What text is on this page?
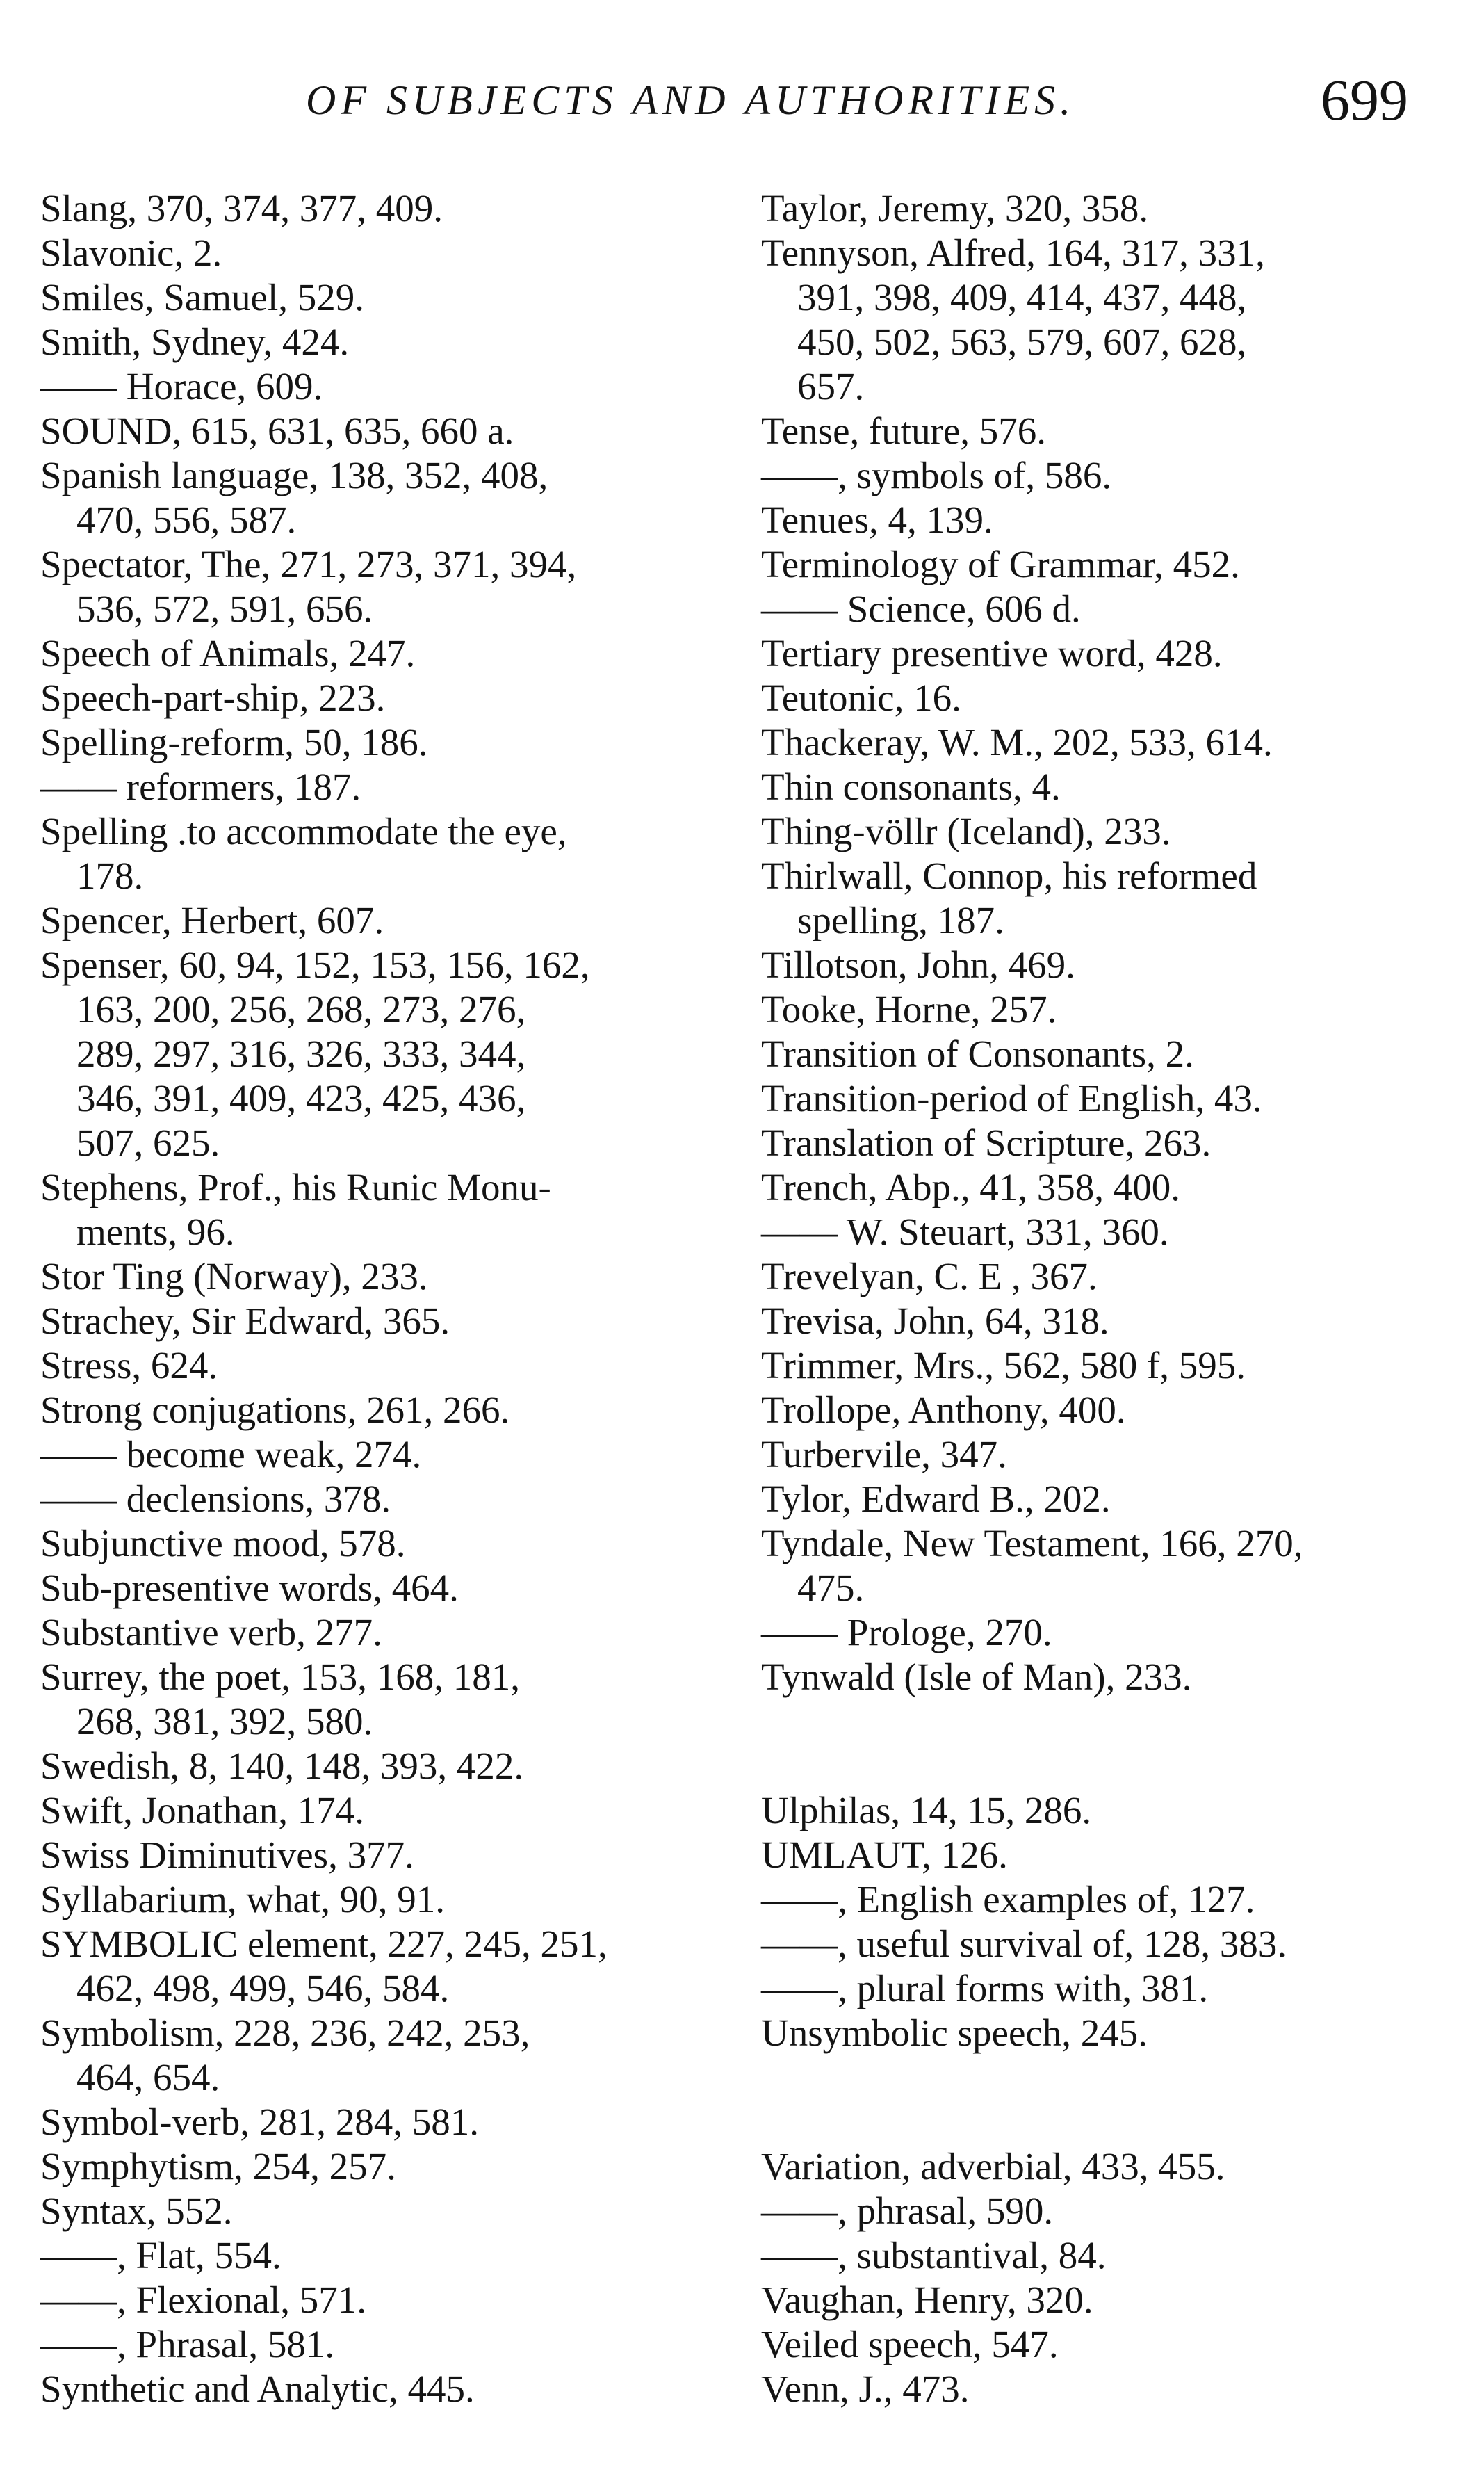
OF SUBJECTS AND AUTHORITIES.	699
Slang, 370, 374, 377, 409.
Slavonic, 2.
Smiles, Samuel, 529.
Smith, Sydney, 424.
—— Horace, 609.
SOUND, 615, 631, 635, 660 a.
Spanish language, 138, 352, 408,
470, 556, 587.
Spectator, The, 271, 273, 371, 394,
536, 572, 591, 656.
Speech of Animals, 247.
Speech-part-ship, 223.
Spelling-reform, 50, 186.
—— reformers, 187.
Spelling .to accommodate the eye,
178.
Spencer, Herbert, 607.
Spenser, 60, 94, 152, 153, 156, 162,
163, 200, 256, 268, 273, 276,
289, 297, 316, 326, 333, 344,
346, 391, 409, 423, 425, 436,
507, 625.
Stephens, Prof., his Runic Monu-
ments, 96.
Stor Ting (Norway), 233.
Strachey, Sir Edward, 365.
Stress, 624.
Strong conjugations, 261, 266.
—— become weak, 274.
—— declensions, 378.
Subjunctive mood, 578.
Sub-presentive words, 464.
Substantive verb, 277.
Surrey, the poet, 153, 168, 181,
268, 381, 392, 580.
Swedish, 8, 140, 148, 393, 422.
Swift, Jonathan, 174.
Swiss Diminutives, 377.
Syllabarium, what, 90, 91.
SYMBOLIC element, 227, 245, 251,
462, 498, 499, 546, 584.
Symbolism, 228, 236, 242, 253,
464, 654.
Symbol-verb, 281, 284, 581.
Symphytism, 254, 257.
Syntax, 552.
——, Flat, 554.
——, Flexional, 571.
——, Phrasal, 581.
Synthetic and Analytic, 445.
Taylor, Jeremy, 320, 358.
Tennyson, Alfred, 164, 317, 331,
391, 398, 409, 414, 437, 448,
450, 502, 563, 579, 607, 628,
657.
Tense, future, 576.
——, symbols of, 586.
Tenues, 4, 139.
Terminology of Grammar, 452.
—— Science, 606 d.
Tertiary presentive word, 428.
Teutonic, 16.
Thackeray, W. M., 202, 533, 614.
Thin consonants, 4.
Thing-völlr (Iceland), 233.
Thirlwall, Connop, his reformed
spelling, 187.
Tillotson, John, 469.
Tooke, Horne, 257.
Transition of Consonants, 2.
Transition-period of English, 43.
Translation of Scripture, 263.
Trench, Abp., 41, 358, 400.
—— W. Steuart, 331, 360.
Trevelyan, C. E , 367.
Trevisa, John, 64, 318.
Trimmer, Mrs., 562, 580 f, 595.
Trollope, Anthony, 400.
Turbervile, 347.
Tylor, Edward B., 202.
Tyndale, New Testament, 166, 270,
475.
—— Prologe, 270.
Tynwald (Isle of Man), 233.
Ulphilas, 14, 15, 286.
UMLAUT, 126.
——, English examples of, 127.
——, useful survival of, 128, 383.
——, plural forms with, 381.
Unsymbolic speech, 245.
Variation, adverbial, 433, 455.
——, phrasal, 590.
——, substantival, 84.
Vaughan, Henry, 320.
Veiled speech, 547.
Venn, J., 473.
